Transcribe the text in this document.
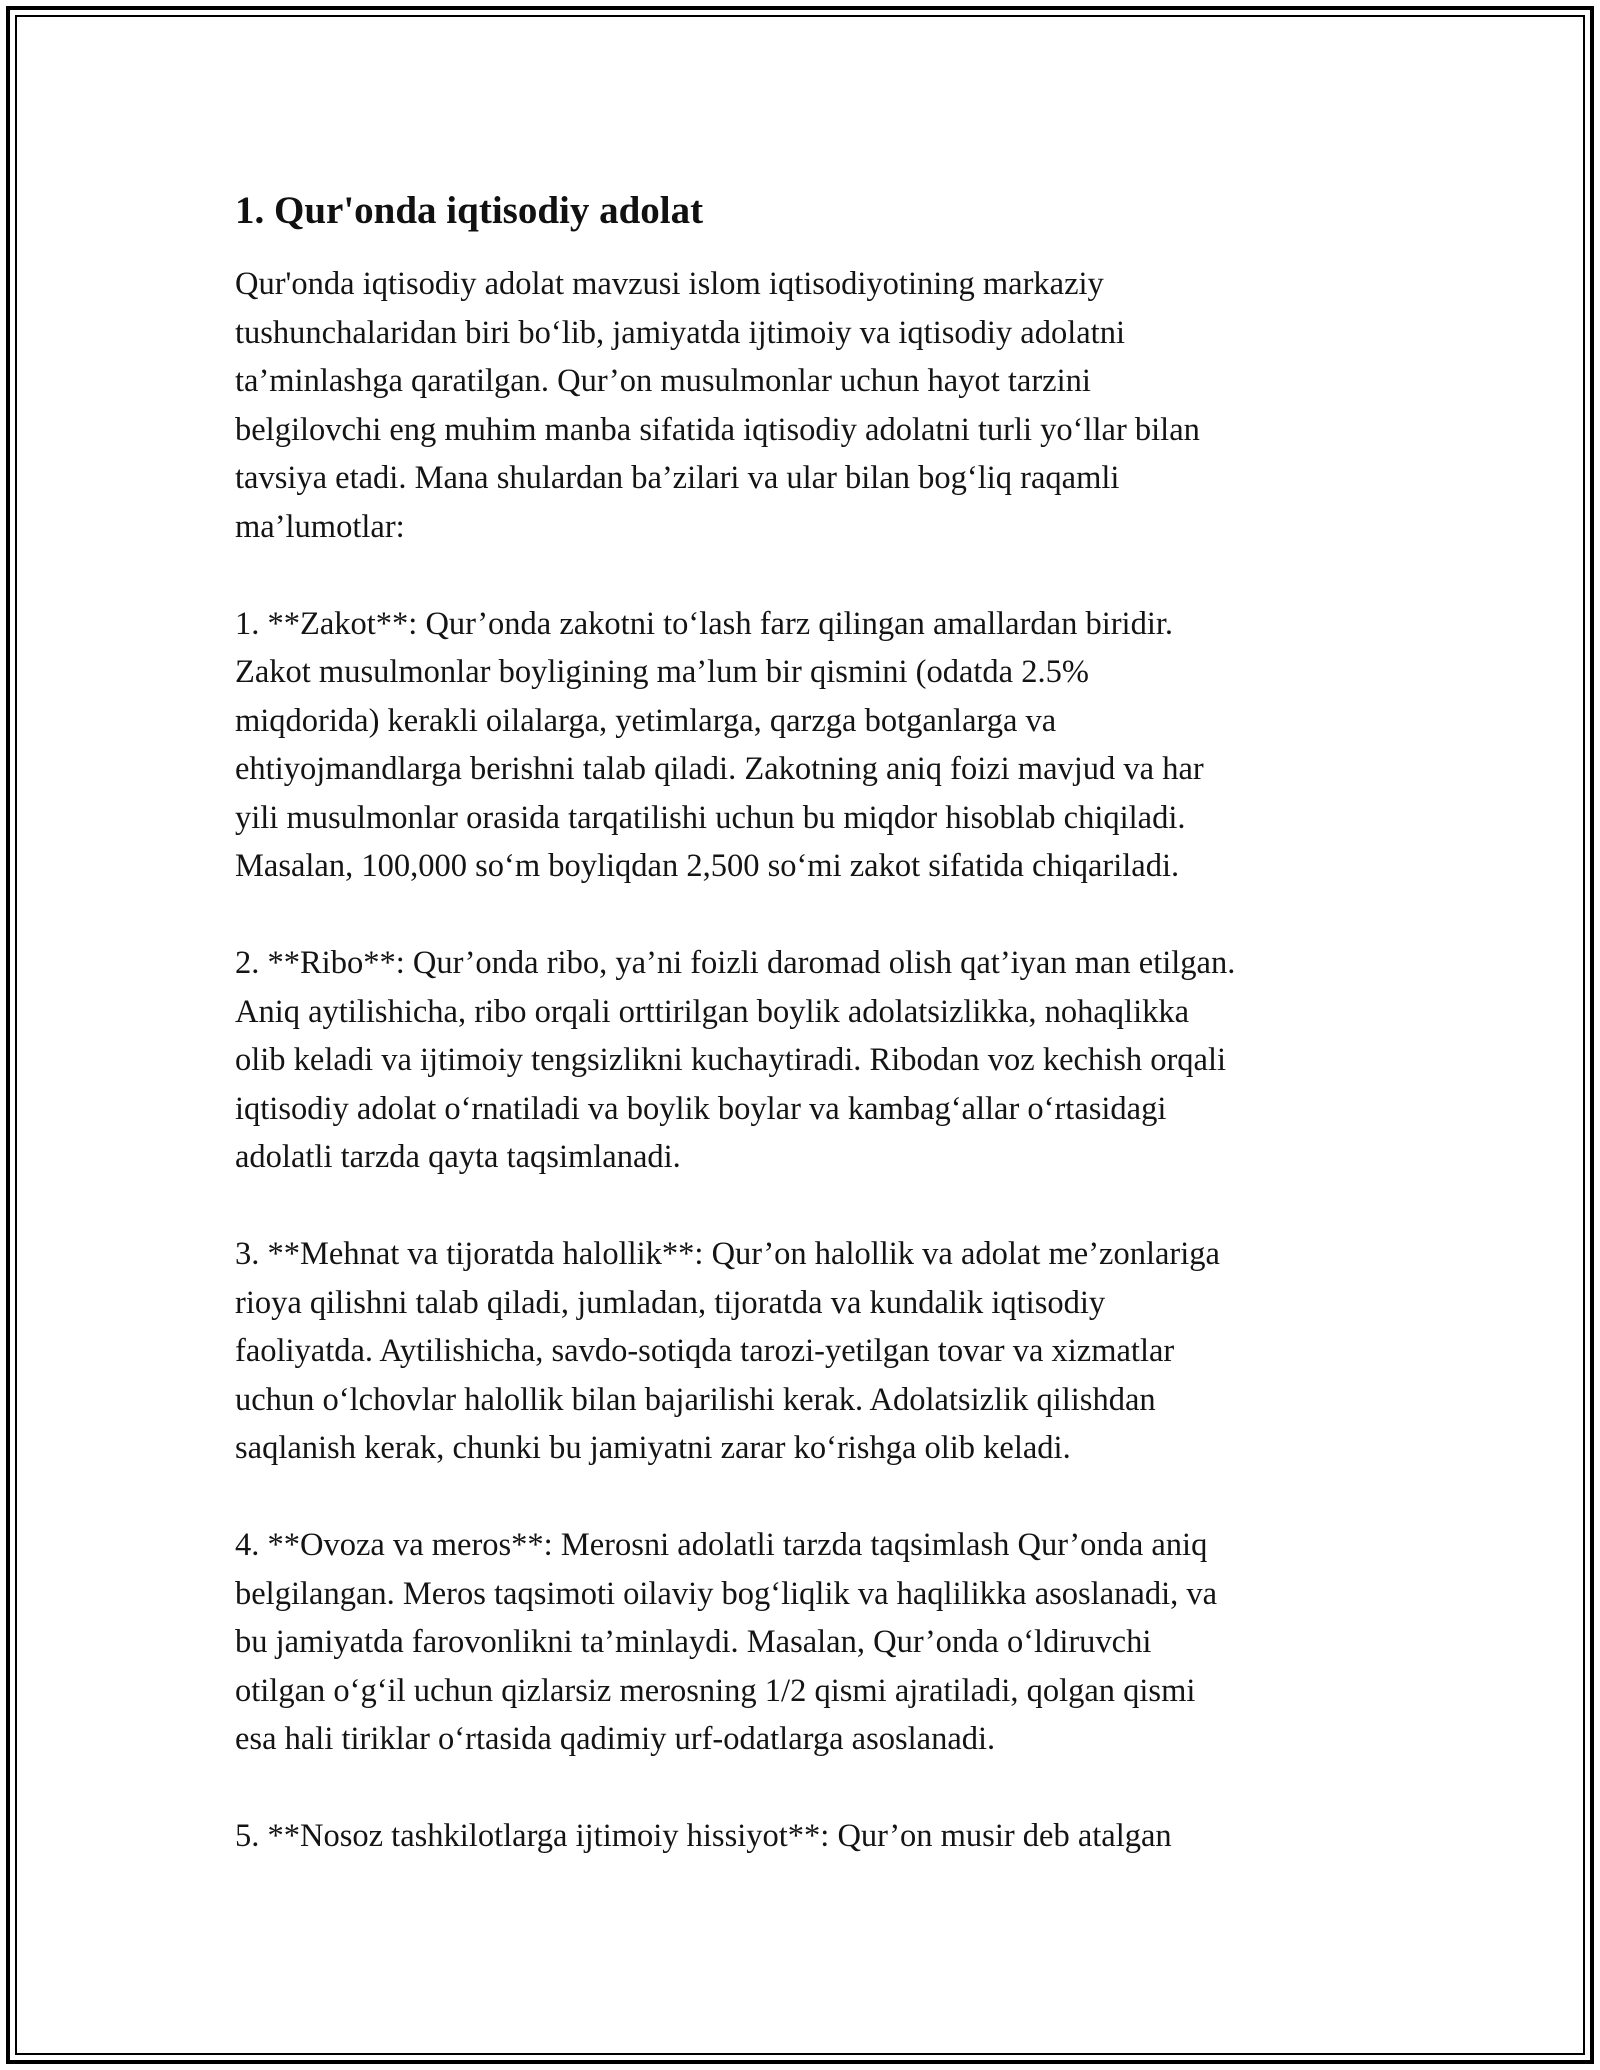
1. Qur'onda iqtisodiy adolat
Qur'onda iqtisodiy adolat mavzusi islom iqtisodiyotining markaziy
tushunchalaridan biri bo‘lib, jamiyatda ijtimoiy va iqtisodiy adolatni
ta’minlashga qaratilgan. Qur’on musulmonlar uchun hayot tarzini
belgilovchi eng muhim manba sifatida iqtisodiy adolatni turli yo‘llar bilan
tavsiya etadi. Mana shulardan ba’zilari va ular bilan bog‘liq raqamli
ma’lumotlar:
1. **Zakot**: Qur’onda zakotni to‘lash farz qilingan amallardan biridir.
Zakot musulmonlar boyligining ma’lum bir qismini (odatda 2.5%
miqdorida) kerakli oilalarga, yetimlarga, qarzga botganlarga va
ehtiyojmandlarga berishni talab qiladi. Zakotning aniq foizi mavjud va har
yili musulmonlar orasida tarqatilishi uchun bu miqdor hisoblab chiqiladi.
Masalan, 100,000 so‘m boyliqdan 2,500 so‘mi zakot sifatida chiqariladi.
2. **Ribo**: Qur’onda ribo, ya’ni foizli daromad olish qat’iyan man etilgan.
Aniq aytilishicha, ribo orqali orttirilgan boylik adolatsizlikka, nohaqlikka
olib keladi va ijtimoiy tengsizlikni kuchaytiradi. Ribodan voz kechish orqali
iqtisodiy adolat o‘rnatiladi va boylik boylar va kambag‘allar o‘rtasidagi
adolatli tarzda qayta taqsimlanadi.
3. **Mehnat va tijoratda halollik**: Qur’on halollik va adolat me’zonlariga
rioya qilishni talab qiladi, jumladan, tijoratda va kundalik iqtisodiy
faoliyatda. Aytilishicha, savdo-sotiqda tarozi-yetilgan tovar va xizmatlar
uchun o‘lchovlar halollik bilan bajarilishi kerak. Adolatsizlik qilishdan
saqlanish kerak, chunki bu jamiyatni zarar ko‘rishga olib keladi.
4. **Ovoza va meros**: Merosni adolatli tarzda taqsimlash Qur’onda aniq
belgilangan. Meros taqsimoti oilaviy bog‘liqlik va haqlilikka asoslanadi, va
bu jamiyatda farovonlikni ta’minlaydi. Masalan, Qur’onda o‘ldiruvchi
otilgan o‘g‘il uchun qizlarsiz merosning 1/2 qismi ajratiladi, qolgan qismi
esa hali tiriklar o‘rtasida qadimiy urf-odatlarga asoslanadi.
5. **Nosoz tashkilotlarga ijtimoiy hissiyot**: Qur’on musir deb atalgan
